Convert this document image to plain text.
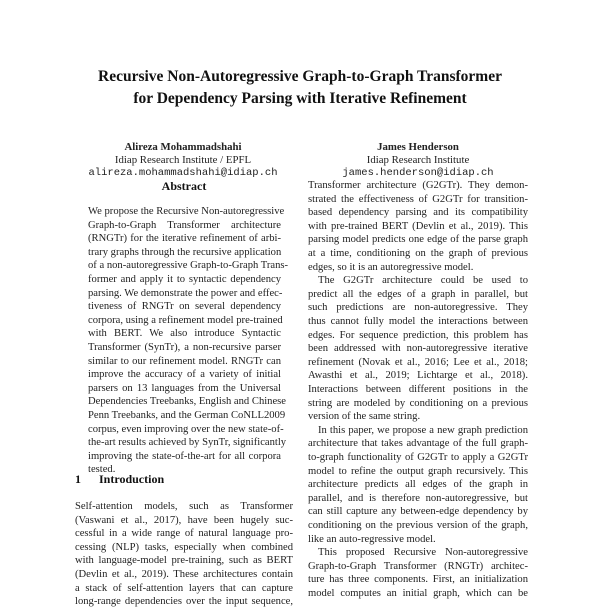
Recursive Non-Autoregressive Graph-to-Graph Transformer
for Dependency Parsing with Iterative Refinement
Alireza Mohammadshahi
Idiap Research Institute / EPFL
alireza.mohammadshahi@idiap.ch
James Henderson
Idiap Research Institute
james.henderson@idiap.ch
Abstract
We propose the Recursive Non-autoregressive
Graph-to-Graph Transformer architecture
(RNGTr) for the iterative refinement of arbi-
trary graphs through the recursive application
of a non-autoregressive Graph-to-Graph Trans-
former and apply it to syntactic dependency
parsing. We demonstrate the power and effec-
tiveness of RNGTr on several dependency
corpora, using a refinement model pre-trained
with BERT. We also introduce Syntactic
Transformer (SynTr), a non-recursive parser
similar to our refinement model. RNGTr can
improve the accuracy of a variety of initial
parsers on 13 languages from the Universal
Dependencies Treebanks, English and Chinese
Penn Treebanks, and the German CoNLL2009
corpus, even improving over the new state-of-
the-art results achieved by SynTr, significantly
improving the state-of-the-art for all corpora
tested.
1 Introduction
Self-attention models, such as Transformer
(Vaswani et al., 2017), have been hugely suc-
cessful in a wide range of natural language pro-
cessing (NLP) tasks, especially when combined
with language-model pre-training, such as BERT
(Devlin et al., 2019). These architectures contain
a stack of self-attention layers that can capture
long-range dependencies over the input sequence,
Transformer architecture (G2GTr). They demon-
strated the effectiveness of G2GTr for transition-
based dependency parsing and its compatibility
with pre-trained BERT (Devlin et al., 2019). This
parsing model predicts one edge of the parse graph
at a time, conditioning on the graph of previous
edges, so it is an autoregressive model.
The G2GTr architecture could be used to
predict all the edges of a graph in parallel, but
such predictions are non-autoregressive. They
thus cannot fully model the interactions between
edges. For sequence prediction, this problem has
been addressed with non-autoregressive iterative
refinement (Novak et al., 2016; Lee et al., 2018;
Awasthi et al., 2019; Lichtarge et al., 2018).
Interactions between different positions in the
string are modeled by conditioning on a previous
version of the same string.
In this paper, we propose a new graph prediction
architecture that takes advantage of the full graph-
to-graph functionality of G2GTr to apply a G2GTr
model to refine the output graph recursively. This
architecture predicts all edges of the graph in
parallel, and is therefore non-autoregressive, but
can still capture any between-edge dependency by
conditioning on the previous version of the graph,
like an auto-regressive model.
This proposed Recursive Non-autoregressive
Graph-to-Graph Transformer (RNGTr) architec-
ture has three components. First, an initialization
model computes an initial graph, which can be
